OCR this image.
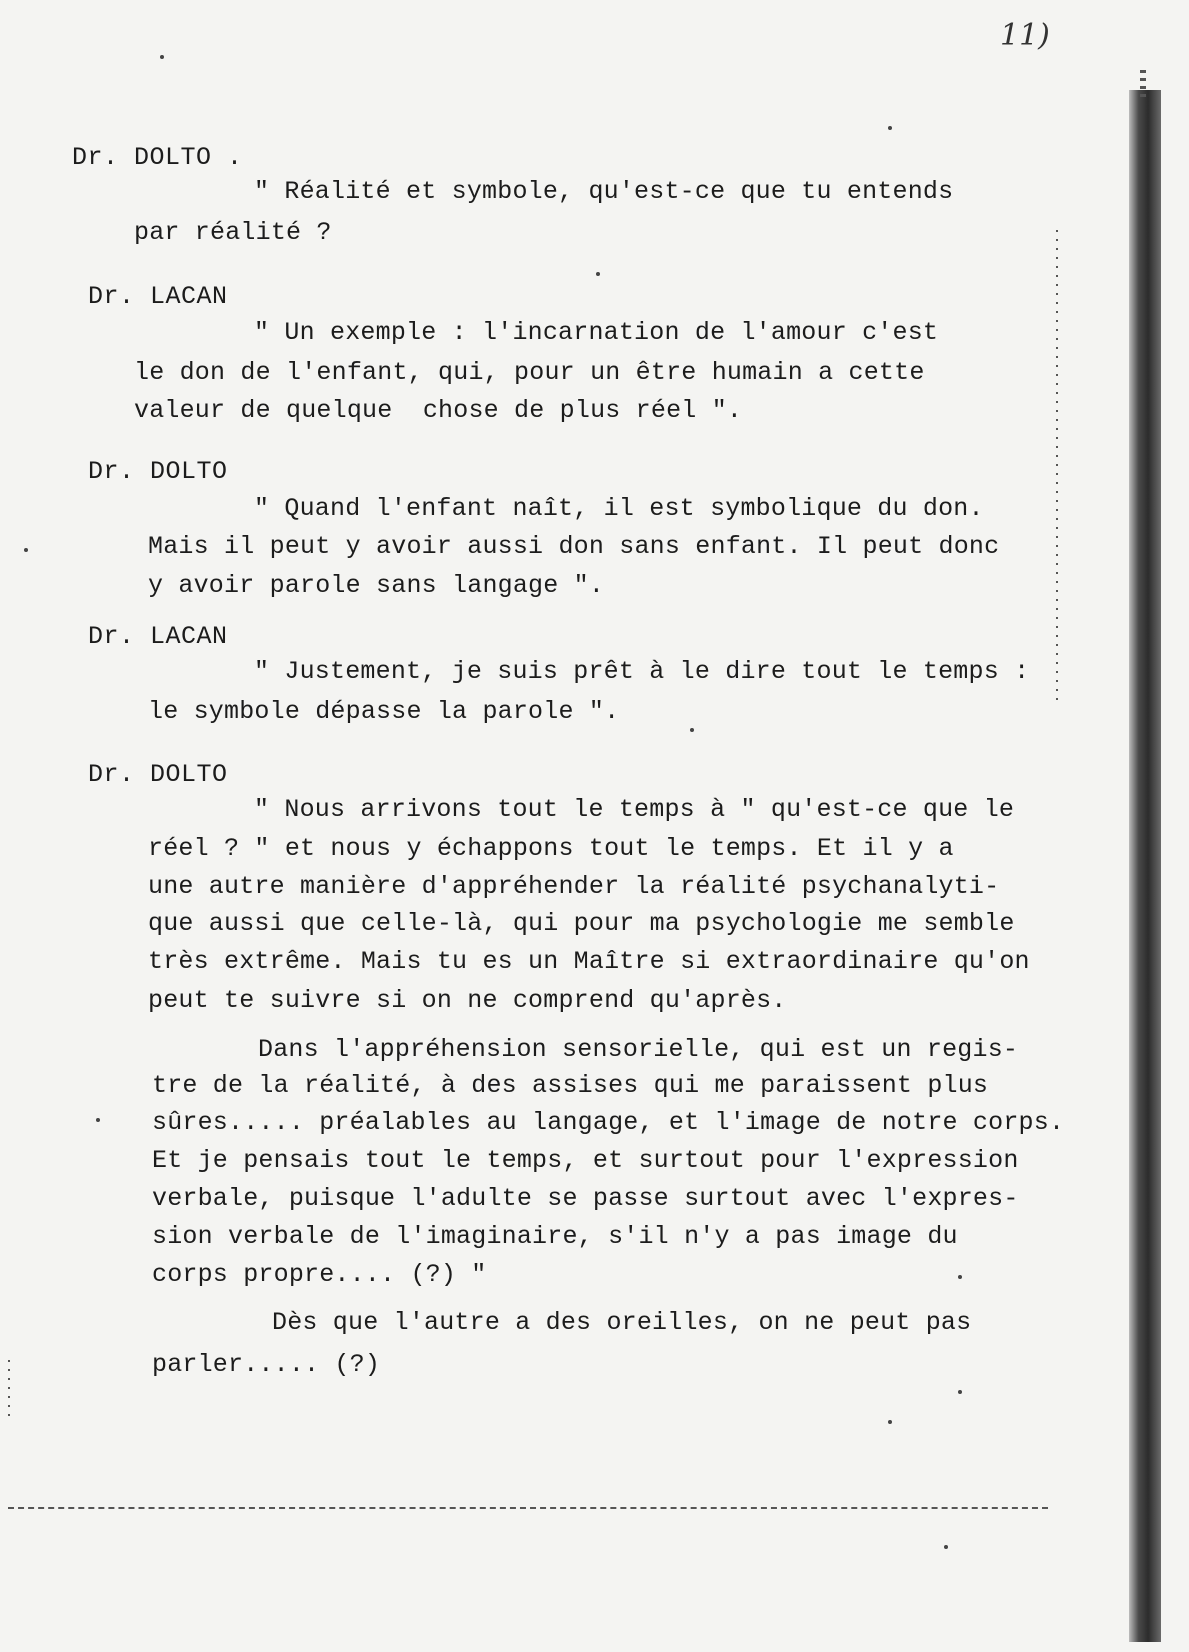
11)
Dr. DOLTO .
" Réalité et symbole, qu'est-ce que tu entends
par réalité ?
Dr. LACAN
" Un exemple : l'incarnation de l'amour c'est
le don de l'enfant, qui, pour un être humain a cette
valeur de quelque  chose de plus réel ".
Dr. DOLTO
" Quand l'enfant naît, il est symbolique du don.
Mais il peut y avoir aussi don sans enfant. Il peut donc
y avoir parole sans langage ".
Dr. LACAN
" Justement, je suis prêt à le dire tout le temps :
le symbole dépasse la parole ".
Dr. DOLTO
" Nous arrivons tout le temps à " qu'est-ce que le
réel ? " et nous y échappons tout le temps. Et il y a
une autre manière d'appréhender la réalité psychanalyti-
que aussi que celle-là, qui pour ma psychologie me semble
très extrême. Mais tu es un Maître si extraordinaire qu'on
peut te suivre si on ne comprend qu'après.
Dans l'appréhension sensorielle, qui est un regis-
tre de la réalité, à des assises qui me paraissent plus
sûres..... préalables au langage, et l'image de notre corps.
Et je pensais tout le temps, et surtout pour l'expression
verbale, puisque l'adulte se passe surtout avec l'expres-
sion verbale de l'imaginaire, s'il n'y a pas image du
corps propre.... (?) "
Dès que l'autre a des oreilles, on ne peut pas
parler..... (?)
